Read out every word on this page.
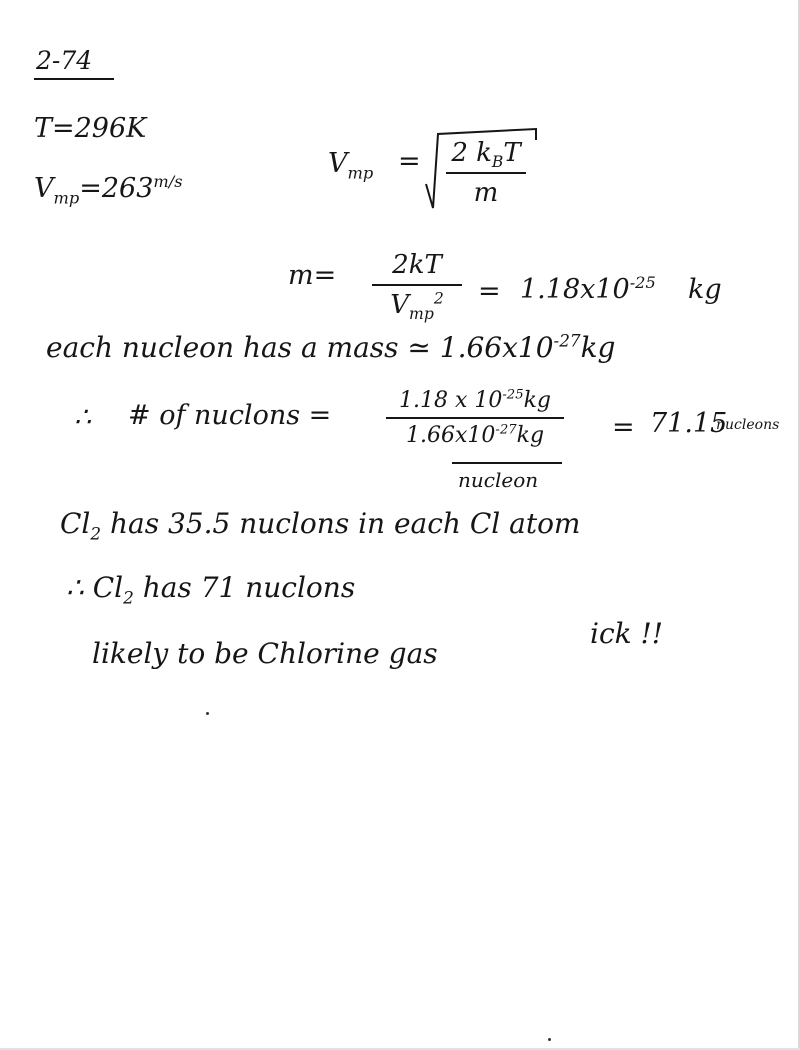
2-74
T=296K
$V_{mp}=263^{m/s}$
$V_{mp} = 2$ $k_BT$
m
m=	2kT
$V_{mp}^2$	= $1.18x10^{-25}$ kg
each nucleon has a mass ≃ $1.66x10^{-27}kg$
∴ # of nuclons =	1.18 x $10^{-25}kg$
$1.66x10^{-27}kg$
nucleon
= 71.15
nucleons
$Cl_2$ has 35.5 nuclons in each Cl atom
∴ $Cl_2$ has 71 nuclons
likely to be Chlorine gas
ick !!
